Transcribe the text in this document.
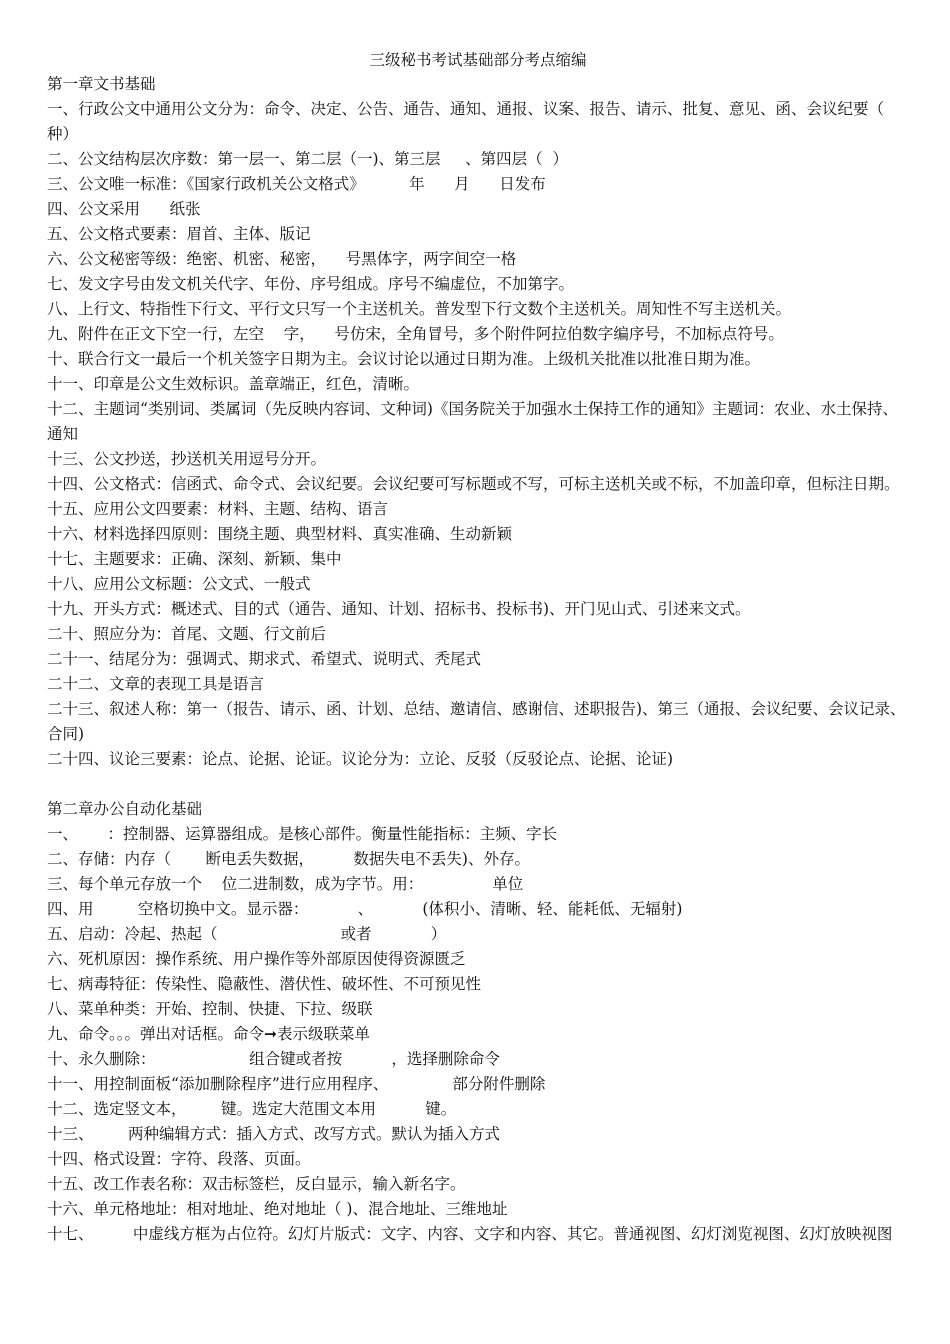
三级秘书考试基础部分考点缩编
第一章文书基础
一、行政公文中通用公文分为：命令、决定、公告、通告、通知、通报、议案、报告、请示、批复、意见、函、会议纪要（     种）
二、公文结构层次序数：第一层一、第二层（一)、第三层     、第四层（  ）
三、公文唯一标准：《国家行政机关公文格式》         年      月      日发布
四、公文采用      纸张
五、公文格式要素：眉首、主体、版记
六、公文秘密等级：绝密、机密、秘密，    号黑体字，两字间空一格
七、发文字号由发文机关代字、年份、序号组成。序号不编虚位，不加第字。
八、上行文、特指性下行文、平行文只写一个主送机关。普发型下行文数个主送机关。周知性不写主送机关。
九、附件在正文下空一行，左空    字，    号仿宋，全角冒号，多个附件阿拉伯数字编序号，不加标点符号。
十、联合行文一最后一个机关签字日期为主。会议讨论以通过日期为准。上级机关批准以批准日期为准。
十一、印章是公文生效标识。盖章端正，红色，清晰。
十二、主题词“类别词、类属词（先反映内容词、文种词)《国务院关于加强水土保持工作的通知》主题词：农业、水土保持、通知
十三、公文抄送，抄送机关用逗号分开。
十四、公文格式：信函式、命令式、会议纪要。会议纪要可写标题或不写，可标主送机关或不标，不加盖印章，但标注日期。
十五、应用公文四要素：材料、主题、结构、语言
十六、材料选择四原则：围绕主题、典型材料、真实准确、生动新颖
十七、主题要求：正确、深刻、新颖、集中
十八、应用公文标题：公文式、一般式
十九、开头方式：概述式、目的式（通告、通知、计划、招标书、投标书)、开门见山式、引述来文式。
二十、照应分为：首尾、文题、行文前后
二十一、结尾分为：强调式、期求式、希望式、说明式、秃尾式
二十二、文章的表现工具是语言
二十三、叙述人称：第一（报告、请示、函、计划、总结、邀请信、感谢信、述职报告)、第三（通报、会议纪要、会议记录、合同)
二十四、议论三要素：论点、论据、论证。议论分为：立论、反驳（反驳论点、论据、论证)
第二章办公自动化基础
一、      ：控制器、运算器组成。是核心部件。衡量性能指标：主频、字长
二、存储：内存（       断电丢失数据，        数据失电不丢失)、外存。
三、每个单元存放一个    位二进制数，成为字节。用：              单位
四、用         空格切换中文。显示器：          、          (体积小、清晰、轻、能耗低、无辐射)
五、启动：冷起、热起（                         或者            ）
六、死机原因：操作系统、用户操作等外部原因使得资源匮乏
七、病毒特征：传染性、隐蔽性、潜伏性、破坏性、不可预见性
八、菜单种类：开始、控制、快捷、下拉、级联
九、命令。。。弹出对话框。命令➞表示级联菜单
十、永久删除：                   组合键或者按          ，选择删除命令
十一、用控制面板“添加删除程序”进行应用程序、             部分附件删除
十二、选定竖文本，       键。选定大范围文本用          键。
十三、       两种编辑方式：插入方式、改写方式。默认为插入方式
十四、格式设置：字符、段落、页面。
十五、改工作表名称：双击标签栏，反白显示，输入新名字。
十六、单元格地址：相对地址、绝对地址（ )、混合地址、三维地址
十七、        中虚线方框为占位符。幻灯片版式：文字、内容、文字和内容、其它。普通视图、幻灯浏览视图、幻灯放映视图
